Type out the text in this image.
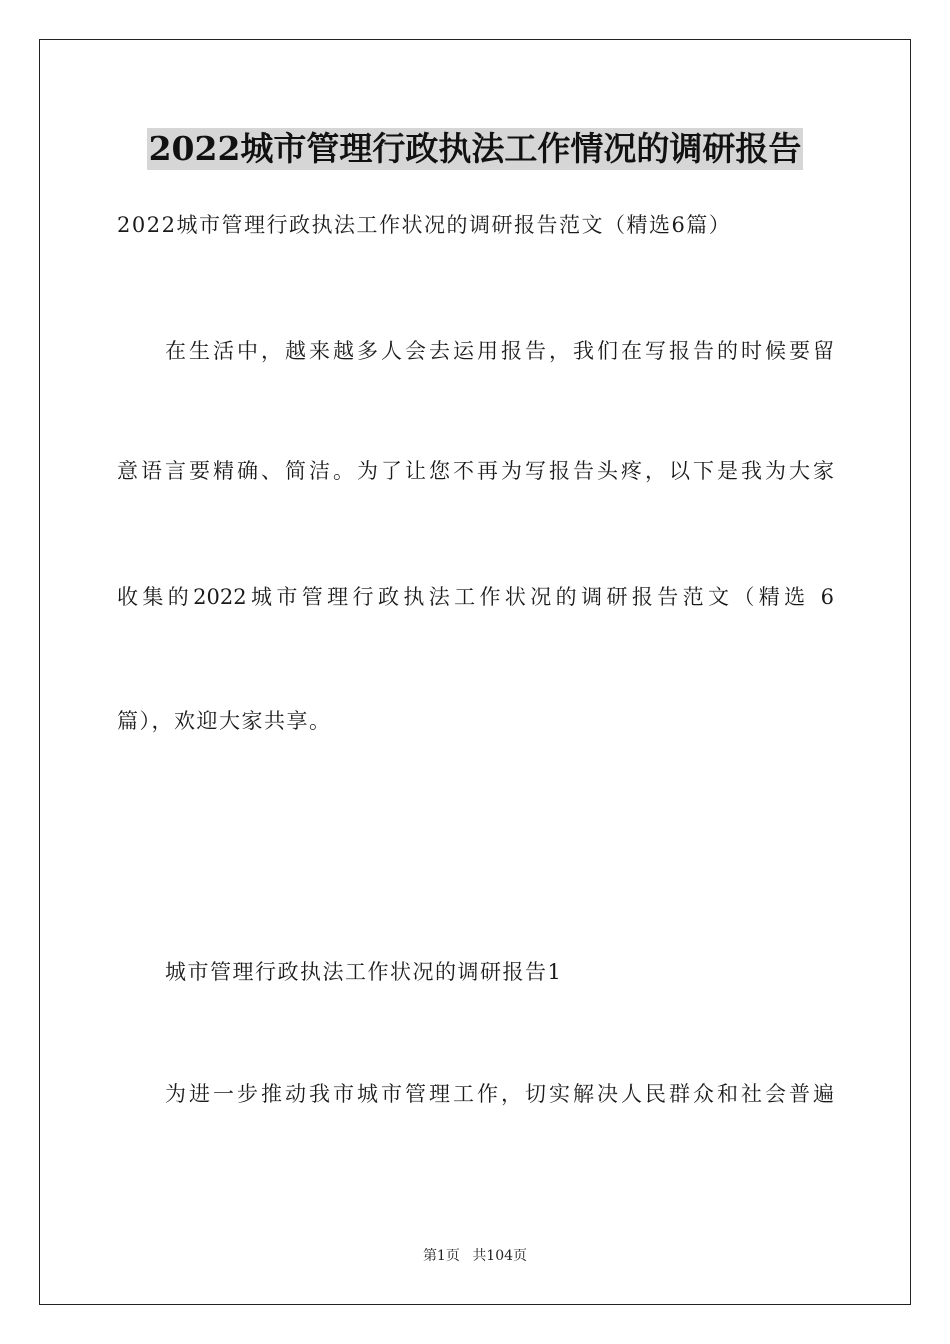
2022城市管理行政执法工作情况的调研报告
2022城市管理行政执法工作状况的调研报告范文（精选6篇）
在生活中，越来越多人会去运用报告，我们在写报告的时候要留
意语言要精确、简洁。为了让您不再为写报告头疼，以下是我为大家
收集的2022城市管理行政执法工作状况的调研报告范文（精选 6
篇），欢迎大家共享。
城市管理行政执法工作状况的调研报告1
为进一步推动我市城市管理工作，切实解决人民群众和社会普遍
第1页 共104页
